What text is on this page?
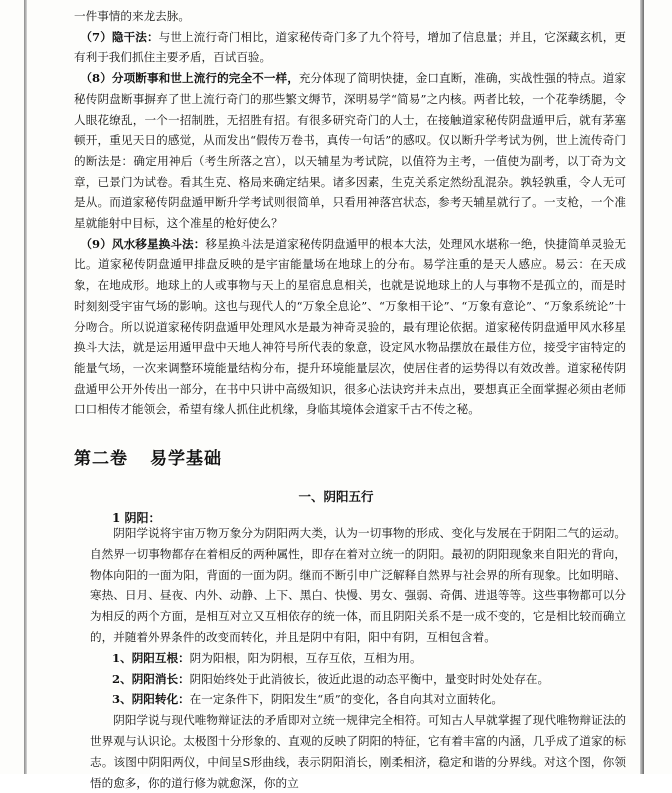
一件事情的来龙去脉。

（7）隐干法：与世上流行奇门相比，道家秘传奇门多了九个符号，增加了信息量；并且，它深藏玄机，更有利于我们抓住主要矛盾，百试百验。

（8）分项断事和世上流行的完全不一样，充分体现了简明快捷，金口直断，准确，实战性强的特点。道家秘传阴盘断事摒弃了世上流行奇门的那些繁文缛节，深明易学“简易”之内核。两者比较，一个花拳绣腿，令人眼花缭乱，一个一招制胜，无招胜有招。有很多研究奇门的人士，在接触道家秘传阴盘遁甲后，就有茅塞顿开，重见天日的感觉，从而发出“假传万卷书，真传一句话”的感叹。仅以断升学考试为例，世上流传奇门的断法是：确定用神后（考生所落之宫），以天辅星为考试院，以值符为主考，一值使为副考，以丁奇为文章，已景门为试卷。看其生克、格局来确定结果。诸多因素，生克关系定然纷乱混杂。孰轻孰重，令人无可是从。而道家秘传阴盘遁甲断升学考试则很简单，只看用神落宫状态，参考天辅星就行了。一支枪，一个准星就能射中目标，这个准星的枪好使么？

（9）风水移星换斗法：移星换斗法是道家秘传阴盘遁甲的根本大法，处理风水堪称一绝，快捷简单灵验无比。道家秘传阴盘遁甲排盘反映的是宇宙能量场在地球上的分布。易学注重的是天人感应。易云：在天成象，在地成形。地球上的人或事物与天上的星宿息息相关，也就是说地球上的人与事物不是孤立的，而是时时刻刻受宇宙气场的影响。这也与现代人的“万象全息论”、“万象相干论”、“万象有意论”、“万象系统论”十分吻合。所以说道家秘传阴盘遁甲处理风水是最为神奇灵验的，最有理论依据。道家秘传阴盘遁甲风水移星换斗大法，就是运用遁甲盘中天地人神符号所代表的象意，设定风水物品摆放在最佳方位，接受宇宙特定的能量气场，一次来调整环境能量结构分布，提升环境能量层次，使居住者的运势得以有效改善。道家秘传阴盘遁甲公开外传出一部分，在书中只讲中高级知识，很多心法诀窍并未点出，要想真正全面掌握必须由老师口口相传才能领会，希望有缘人抓住此机缘，身临其境体会道家千古不传之秘。

第二卷 易学基础
一、阴阳五行
1 阴阳：

阴阳学说将宇宙万物万象分为阴阳两大类，认为一切事物的形成、变化与发展在于阴阳二气的运动。自然界一切事物都存在着相反的两种属性，即存在着对立统一的阴阳。最初的阴阳现象来自阳光的背向，物体向阳的一面为阳，背面的一面为阴。继而不断引申广泛解释自然界与社会界的所有现象。比如明暗、寒热、日月、昼夜、内外、动静、上下、黑白、快慢、男女、强弱、奇偶、进退等等。这些事物都可以分为相反的两个方面，是相互对立又互相依存的统一体，而且阴阳关系不是一成不变的，它是相比较而确立的，并随着外界条件的改变而转化，并且是阴中有阳，阳中有阴，互相包含着。

1、阴阳互根：阴为阳根，阳为阴根，互存互依，互相为用。

2、阴阳消长：阴阳始终处于此消彼长，彼近此退的动态平衡中，量变时时处处存在。

3、阴阳转化：在一定条件下，阴阳发生“质”的变化，各自向其对立面转化。

阴阳学说与现代唯物辩证法的矛盾即对立统一规律完全相符。可知古人早就掌握了现代唯物辩证法的世界观与认识论。太极图十分形象的、直观的反映了阴阳的特征，它有着丰富的内涵，几乎成了道家的标志。该图中阴阳两仪，中间呈S形曲线，表示阴阳消长，刚柔相济，稳定和谐的分界线。对这个图，你领悟的愈多，你的道行修为就愈深，你的立
